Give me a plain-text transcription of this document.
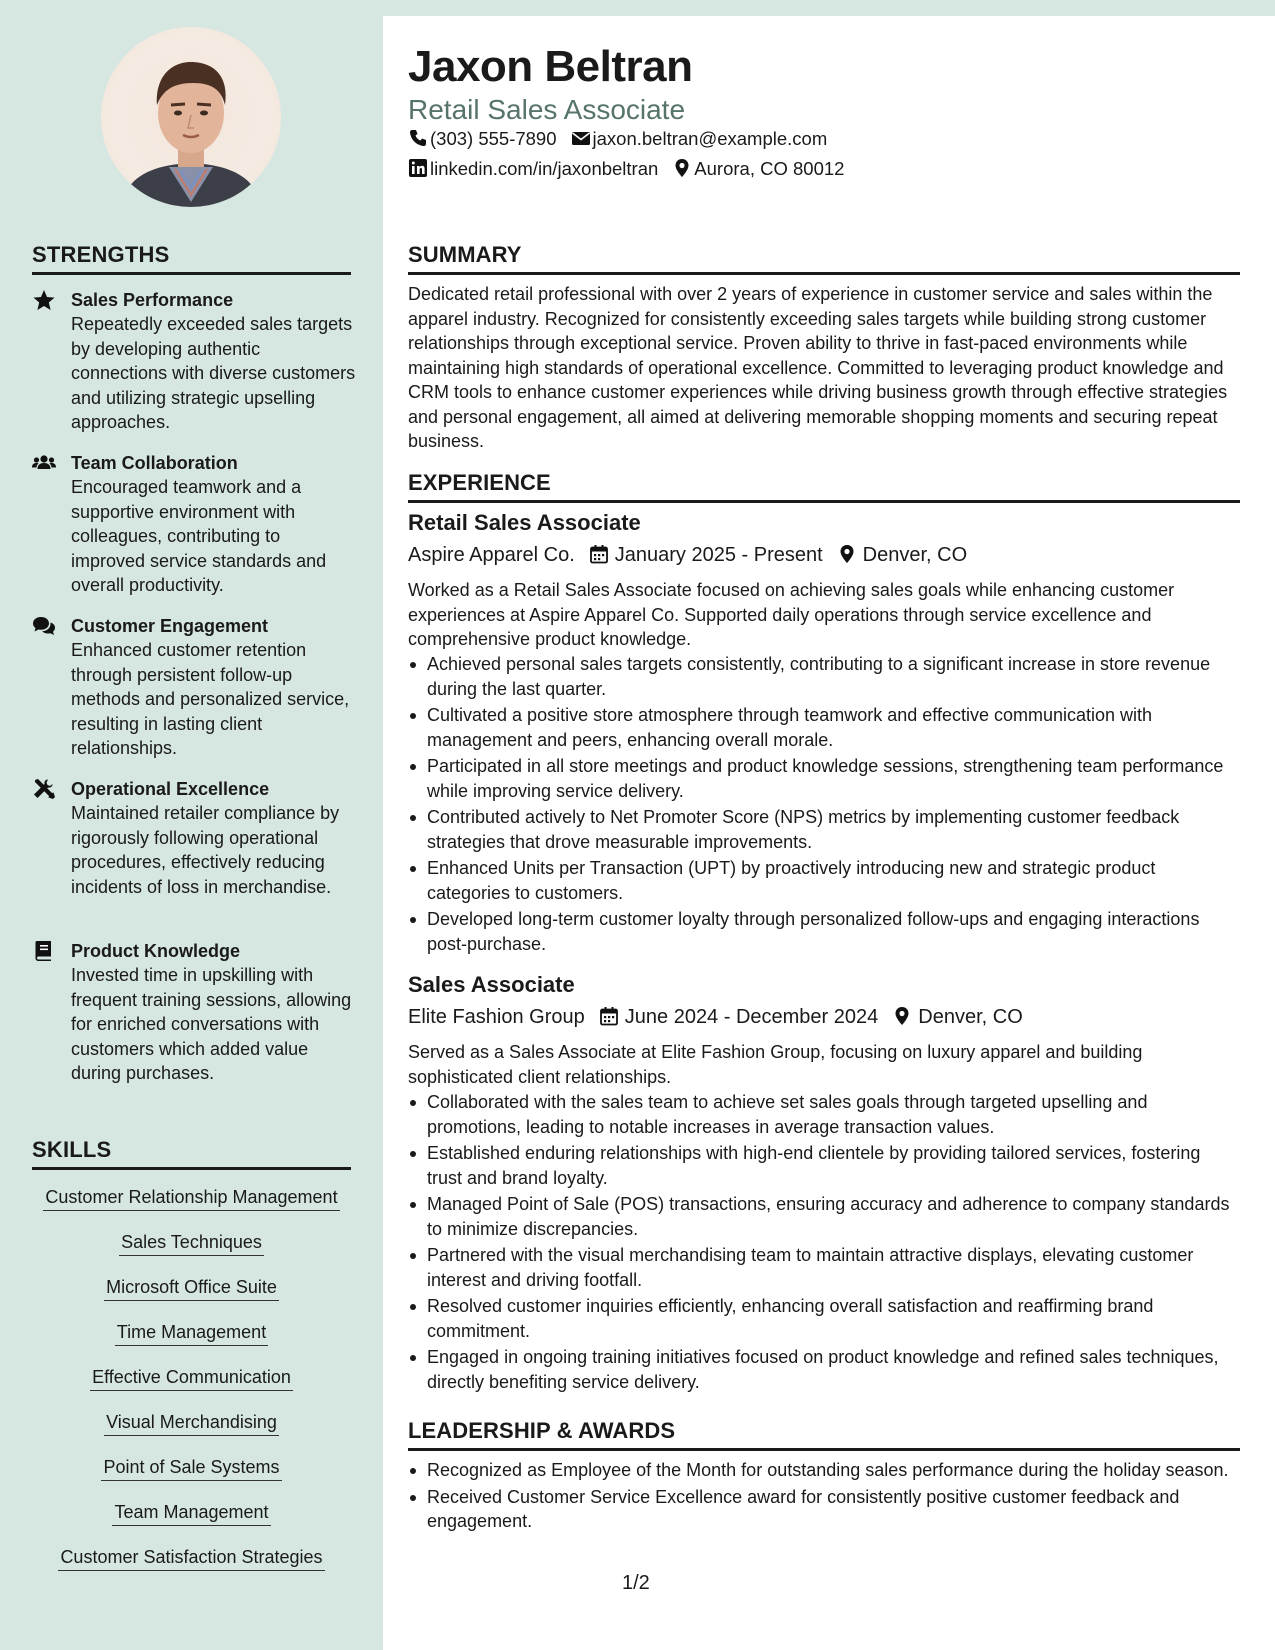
Jaxon Beltran
Retail Sales Associate
(303) 555-7890 jaxon.beltran@example.com
linkedin.com/in/jaxonbeltran Aurora, CO 80012
STRENGTHS
Sales Performance
Repeatedly exceeded sales targets by developing authentic connections with diverse customers and utilizing strategic upselling approaches.
Team Collaboration
Encouraged teamwork and a supportive environment with colleagues, contributing to improved service standards and overall productivity.
Customer Engagement
Enhanced customer retention through persistent follow-up methods and personalized service, resulting in lasting client relationships.
Operational Excellence
Maintained retailer compliance by rigorously following operational procedures, effectively reducing incidents of loss in merchandise.
Product Knowledge
Invested time in upskilling with frequent training sessions, allowing for enriched conversations with customers which added value during purchases.
SKILLS
Customer Relationship Management
Sales Techniques
Microsoft Office Suite
Time Management
Effective Communication
Visual Merchandising
Point of Sale Systems
Team Management
Customer Satisfaction Strategies
SUMMARY
Dedicated retail professional with over 2 years of experience in customer service and sales within the apparel industry. Recognized for consistently exceeding sales targets while building strong customer relationships through exceptional service. Proven ability to thrive in fast-paced environments while maintaining high standards of operational excellence. Committed to leveraging product knowledge and CRM tools to enhance customer experiences while driving business growth through effective strategies and personal engagement, all aimed at delivering memorable shopping moments and securing repeat business.
EXPERIENCE
Retail Sales Associate
Aspire Apparel Co. January 2025 - Present Denver, CO
Worked as a Retail Sales Associate focused on achieving sales goals while enhancing customer experiences at Aspire Apparel Co. Supported daily operations through service excellence and comprehensive product knowledge.
Achieved personal sales targets consistently, contributing to a significant increase in store revenue during the last quarter.
Cultivated a positive store atmosphere through teamwork and effective communication with management and peers, enhancing overall morale.
Participated in all store meetings and product knowledge sessions, strengthening team performance while improving service delivery.
Contributed actively to Net Promoter Score (NPS) metrics by implementing customer feedback strategies that drove measurable improvements.
Enhanced Units per Transaction (UPT) by proactively introducing new and strategic product categories to customers.
Developed long-term customer loyalty through personalized follow-ups and engaging interactions post-purchase.
Sales Associate
Elite Fashion Group June 2024 - December 2024 Denver, CO
Served as a Sales Associate at Elite Fashion Group, focusing on luxury apparel and building sophisticated client relationships.
Collaborated with the sales team to achieve set sales goals through targeted upselling and promotions, leading to notable increases in average transaction values.
Established enduring relationships with high-end clientele by providing tailored services, fostering trust and brand loyalty.
Managed Point of Sale (POS) transactions, ensuring accuracy and adherence to company standards to minimize discrepancies.
Partnered with the visual merchandising team to maintain attractive displays, elevating customer interest and driving footfall.
Resolved customer inquiries efficiently, enhancing overall satisfaction and reaffirming brand commitment.
Engaged in ongoing training initiatives focused on product knowledge and refined sales techniques, directly benefiting service delivery.
LEADERSHIP & AWARDS
Recognized as Employee of the Month for outstanding sales performance during the holiday season.
Received Customer Service Excellence award for consistently positive customer feedback and engagement.
1/2
